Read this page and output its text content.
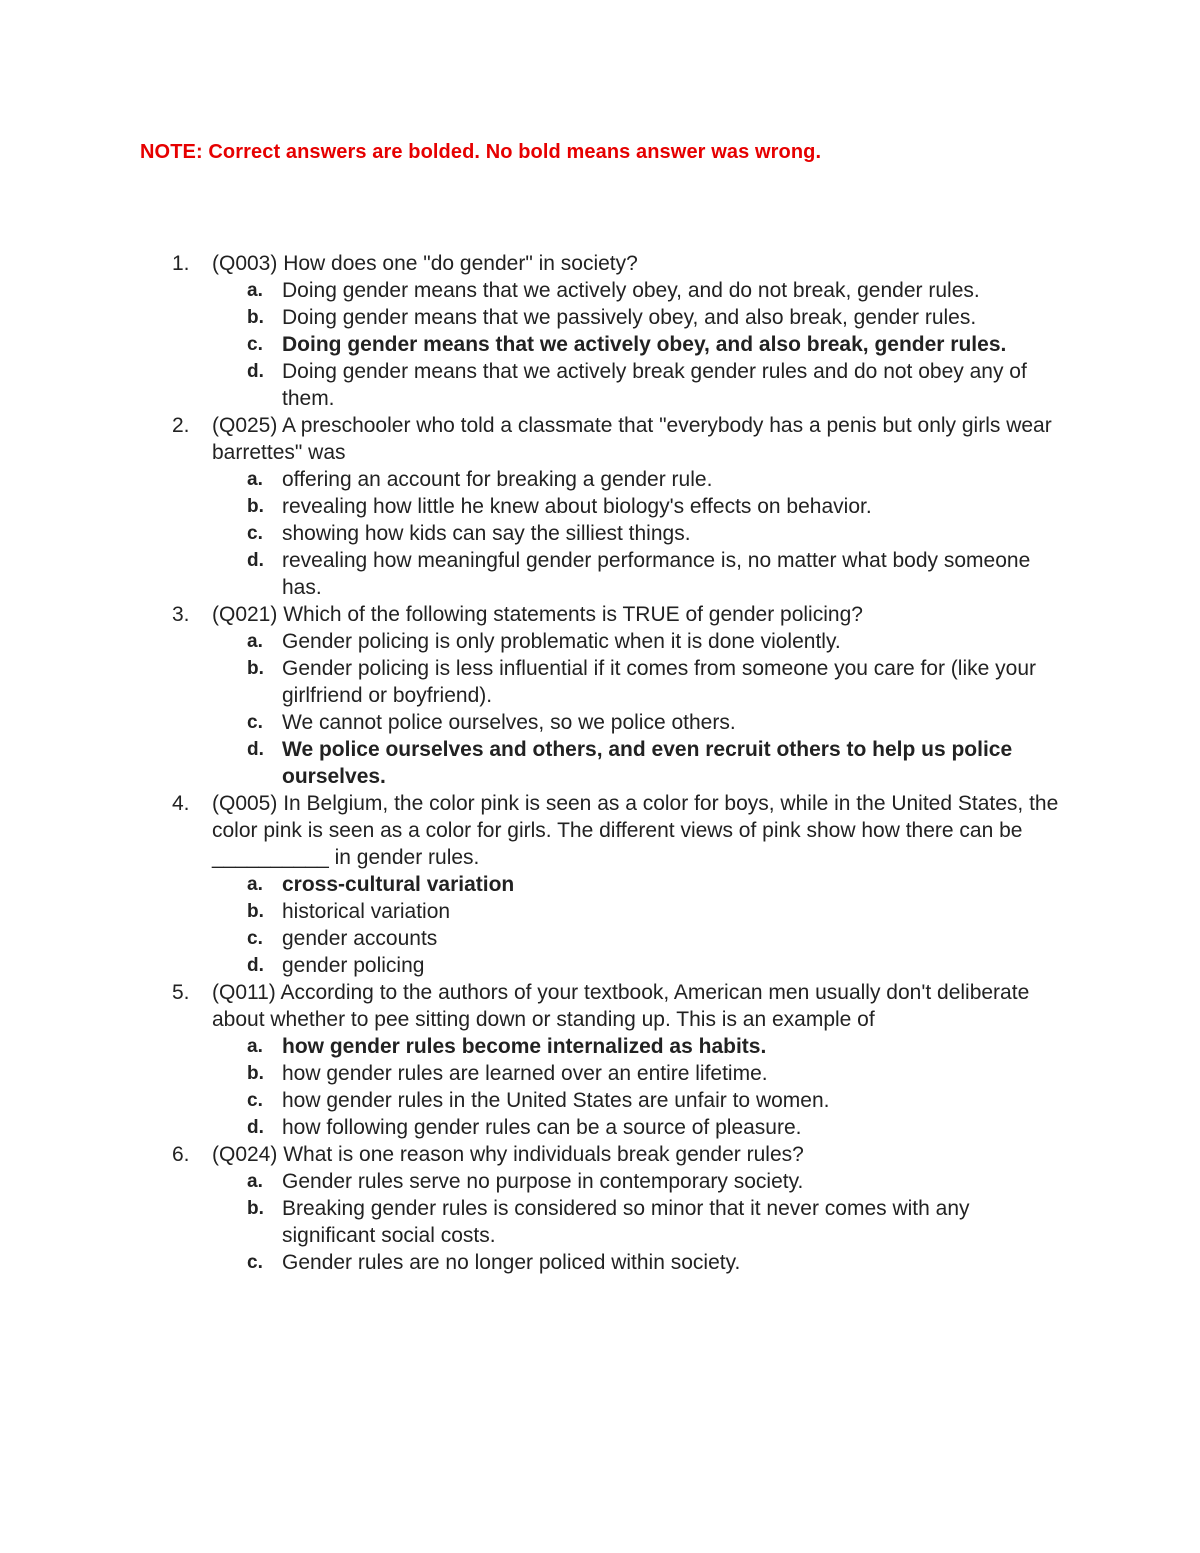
NOTE: Correct answers are bolded. No bold means answer was wrong.
1. (Q003) How does one "do gender" in society?
a. Doing gender means that we actively obey, and do not break, gender rules.
b. Doing gender means that we passively obey, and also break, gender rules.
c. Doing gender means that we actively obey, and also break, gender rules.
d. Doing gender means that we actively break gender rules and do not obey any of them.
2. (Q025) A preschooler who told a classmate that "everybody has a penis but only girls wear barrettes" was
a. offering an account for breaking a gender rule.
b. revealing how little he knew about biology's effects on behavior.
c. showing how kids can say the silliest things.
d. revealing how meaningful gender performance is, no matter what body someone has.
3. (Q021) Which of the following statements is TRUE of gender policing?
a. Gender policing is only problematic when it is done violently.
b. Gender policing is less influential if it comes from someone you care for (like your girlfriend or boyfriend).
c. We cannot police ourselves, so we police others.
d. We police ourselves and others, and even recruit others to help us police ourselves.
4. (Q005) In Belgium, the color pink is seen as a color for boys, while in the United States, the color pink is seen as a color for girls. The different views of pink show how there can be __________ in gender rules.
a. cross-cultural variation
b. historical variation
c. gender accounts
d. gender policing
5. (Q011) According to the authors of your textbook, American men usually don't deliberate about whether to pee sitting down or standing up. This is an example of
a. how gender rules become internalized as habits.
b. how gender rules are learned over an entire lifetime.
c. how gender rules in the United States are unfair to women.
d. how following gender rules can be a source of pleasure.
6. (Q024) What is one reason why individuals break gender rules?
a. Gender rules serve no purpose in contemporary society.
b. Breaking gender rules is considered so minor that it never comes with any significant social costs.
c. Gender rules are no longer policed within society.
